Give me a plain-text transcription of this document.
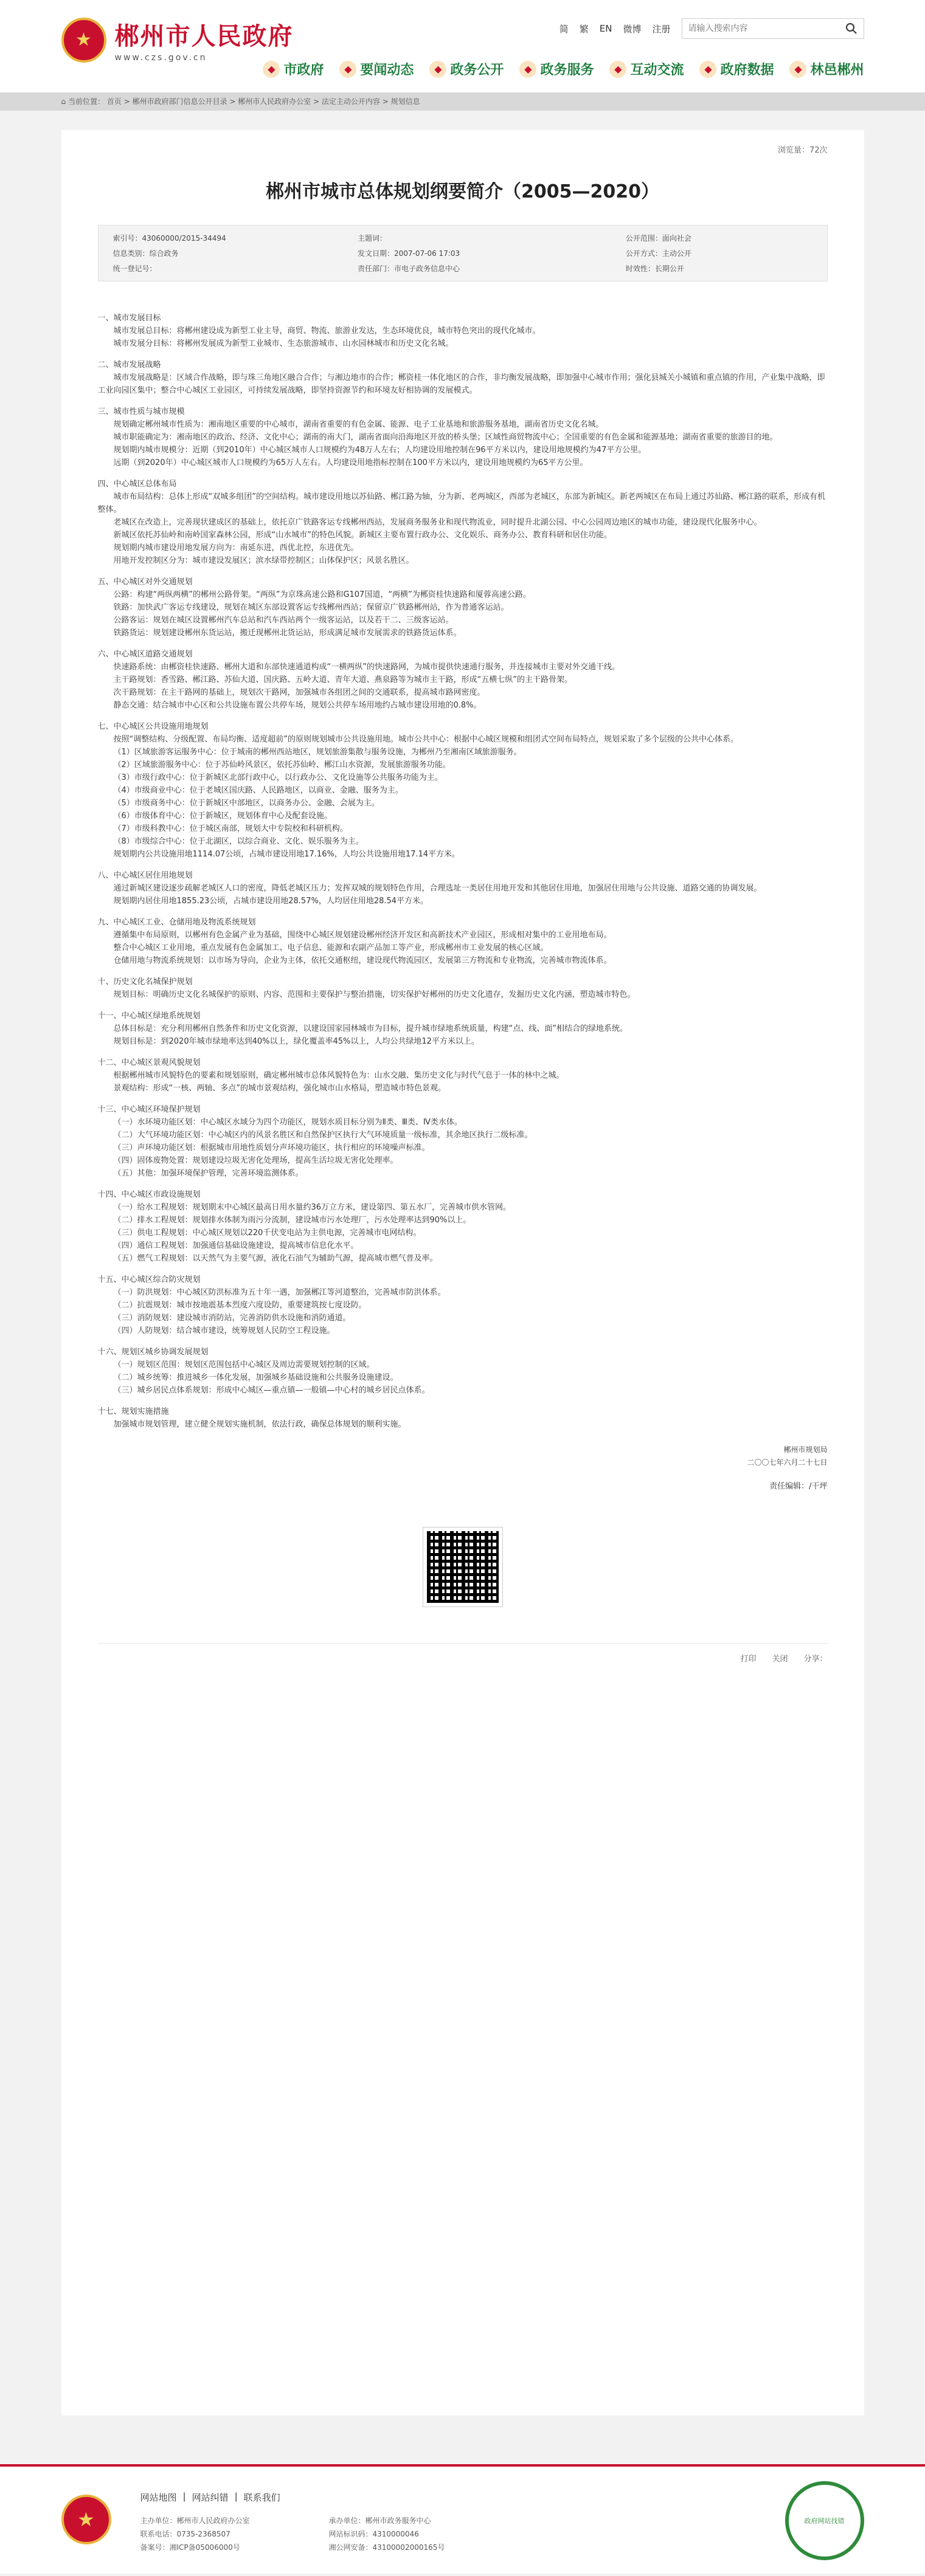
★ 郴州市人民政府
www.czs.gov.cn
简 繁 EN 微博 注册
请输入搜索内容
◆ 市政府	◆ 要闻动态	◆ 政务公开	◆ 政务服务	◆ 互动交流	◆ 政府数据	◆ 林邑郴州
⌂ 当前位置： 首页 > 郴州市政府部门信息公开目录 > 郴州市人民政府办公室 > 法定主动公开内容 > 规划信息
浏览量：72次
郴州市城市总体规划纲要简介（2005—2020）
索引号：43060000/2015-34494	主题词：	公开范围：面向社会
信息类别：综合政务	发文日期：2007-07-06 17:03	公开方式：主动公开
统一登记号：	责任部门：市电子政务信息中心	时效性：长期公开

一、城市发展目标

城市发展总目标：将郴州建设成为新型工业主导，商贸、物流、旅游业发达，生态环境优良，城市特色突出的现代化城市。

城市发展分目标：将郴州发展成为新型工业城市、生态旅游城市、山水园林城市和历史文化名城。

二、城市发展战略

城市发展战略是：区域合作战略，即与珠三角地区融合合作；与湘边地市的合作；郴资桂一体化地区的合作，非均衡发展战略，即加强中心城市作用；强化县城关小城镇和重点镇的作用，产业集中战略，即工业向园区集中；整合中心城区工业园区，可持续发展战略，即坚持资源节约和环境友好相协调的发展模式。

三、城市性质与城市规模

规划确定郴州城市性质为：湘南地区重要的中心城市，湖南省重要的有色金属、能源、电子工业基地和旅游服务基地，湖南省历史文化名城。

城市职能确定为：湘南地区的政治、经济、文化中心；湖南的南大门，湖南省面向沿海地区开放的桥头堡；区域性商贸物流中心；全国重要的有色金属和能源基地；湖南省重要的旅游目的地。

规划期内城市规模分：近期（到2010年）中心城区城市人口规模约为48万人左右；人均建设用地控制在96平方米以内，建设用地规模约为47平方公里。

远期（到2020年）中心城区城市人口规模约为65万人左右。人均建设用地指标控制在100平方米以内，建设用地规模约为65平方公里。

四、中心城区总体布局

城市布局结构：总体上形成“双城多组团”的空间结构。城市建设用地以苏仙路、郴江路为轴，分为新、老两城区，西部为老城区，东部为新城区。新老两城区在布局上通过苏仙路、郴江路的联系，形成有机整体。

老城区在改造上，完善现状建成区的基础上，依托京广铁路客运专线郴州西站，发展商务服务业和现代物流业，同时提升北湖公园、中心公园周边地区的城市功能，建设现代化服务中心。

新城区依托苏仙岭和南岭国家森林公园，形成“山水城市”的特色风貌。新城区主要布置行政办公、文化娱乐、商务办公、教育科研和居住功能。

规划期内城市建设用地发展方向为：南延东进，西优北控，东进优先。

用地开发控制区分为：城市建设发展区；滨水绿带控制区；山体保护区；风景名胜区。

五、中心城区对外交通规划

公路：构建“两纵两横”的郴州公路骨架。“两纵”为京珠高速公路和G107国道，“两横”为郴资桂快速路和厦蓉高速公路。

铁路：加快武广客运专线建设，规划在城区东部设置客运专线郴州西站；保留京广铁路郴州站，作为普通客运站。

公路客运：规划在城区设置郴州汽车总站和汽车西站两个一级客运站，以及若干二、三级客运站。

铁路货运：规划建设郴州东货运站，搬迁现郴州北货运站，形成满足城市发展需求的铁路货运体系。

六、中心城区道路交通规划

快速路系统：由郴资桂快速路、郴州大道和东部快速通道构成“一横两纵”的快速路网，为城市提供快速通行服务，并连接城市主要对外交通干线。

主干路规划：香雪路、郴江路、苏仙大道、国庆路、五岭大道、青年大道、燕泉路等为城市主干路，形成“五横七纵”的主干路骨架。

次干路规划：在主干路网的基础上，规划次干路网，加强城市各组团之间的交通联系，提高城市路网密度。

静态交通：结合城市中心区和公共设施布置公共停车场，规划公共停车场用地约占城市建设用地的0.8%。

七、中心城区公共设施用地规划

按照“调整结构、分级配置、布局均衡、适度超前”的原则规划城市公共设施用地。城市公共中心：根据中心城区规模和组团式空间布局特点，规划采取了多个层级的公共中心体系。

（1）区域旅游客运服务中心：位于城南的郴州西站地区，规划旅游集散与服务设施，为郴州乃至湘南区域旅游服务。

（2）区域旅游服务中心：位于苏仙岭风景区，依托苏仙岭、郴江山水资源，发展旅游服务功能。

（3）市级行政中心：位于新城区北部行政中心，以行政办公、文化设施等公共服务功能为主。

（4）市级商业中心：位于老城区国庆路、人民路地区，以商业、金融、服务为主。

（5）市级商务中心：位于新城区中部地区，以商务办公、金融、会展为主。

（6）市级体育中心：位于新城区，规划体育中心及配套设施。

（7）市级科教中心：位于城区南部，规划大中专院校和科研机构。

（8）市级综合中心：位于北湖区，以综合商业、文化、娱乐服务为主。

规划期内公共设施用地1114.07公顷，占城市建设用地17.16%，人均公共设施用地17.14平方米。

八、中心城区居住用地规划

通过新城区建设逐步疏解老城区人口的密度，降低老城区压力；发挥双城的规划特色作用，合理选址一类居住用地开发和其他居住用地，加强居住用地与公共设施、道路交通的协调发展。

规划期内居住用地1855.23公顷，占城市建设用地28.57%，人均居住用地28.54平方米。

九、中心城区工业、仓储用地及物流系统规划

遵循集中布局原则，以郴州有色金属产业为基础，围绕中心城区规划建设郴州经济开发区和高新技术产业园区，形成相对集中的工业用地布局。

整合中心城区工业用地，重点发展有色金属加工、电子信息、能源和农副产品加工等产业，形成郴州市工业发展的核心区域。

仓储用地与物流系统规划：以市场为导向，企业为主体，依托交通枢纽，建设现代物流园区，发展第三方物流和专业物流，完善城市物流体系。

十、历史文化名城保护规划

规划目标：明确历史文化名城保护的原则、内容、范围和主要保护与整治措施，切实保护好郴州的历史文化遗存，发掘历史文化内涵，塑造城市特色。

十一、中心城区绿地系统规划

总体目标是：充分利用郴州自然条件和历史文化资源，以建设国家园林城市为目标，提升城市绿地系统质量，构建“点、线、面”相结合的绿地系统。

规划目标是：到2020年城市绿地率达到40%以上，绿化覆盖率45%以上，人均公共绿地12平方米以上。

十二、中心城区景观风貌规划

根据郴州城市风貌特色的要素和规划原则，确定郴州城市总体风貌特色为：山水交融、集历史文化与时代气息于一体的林中之城。

景观结构：形成“一核、两轴、多点”的城市景观结构，强化城市山水格局，塑造城市特色景观。

十三、中心城区环境保护规划

（一）水环境功能区划：中心城区水域分为四个功能区，规划水质目标分别为Ⅱ类、Ⅲ类、Ⅳ类水体。

（二）大气环境功能区划：中心城区内的风景名胜区和自然保护区执行大气环境质量一级标准，其余地区执行二级标准。

（三）声环境功能区划：根据城市用地性质划分声环境功能区，执行相应的环境噪声标准。

（四）固体废物处置：规划建设垃圾无害化处理场，提高生活垃圾无害化处理率。

（五）其他：加强环境保护管理，完善环境监测体系。

十四、中心城区市政设施规划

（一）给水工程规划：规划期末中心城区最高日用水量约36万立方米，建设第四、第五水厂，完善城市供水管网。

（二）排水工程规划：规划排水体制为雨污分流制，建设城市污水处理厂，污水处理率达到90%以上。

（三）供电工程规划：中心城区规划以220千伏变电站为主供电源，完善城市电网结构。

（四）通信工程规划：加强通信基础设施建设，提高城市信息化水平。

（五）燃气工程规划：以天然气为主要气源，液化石油气为辅助气源，提高城市燃气普及率。

十五、中心城区综合防灾规划

（一）防洪规划：中心城区防洪标准为五十年一遇，加强郴江等河道整治，完善城市防洪体系。

（二）抗震规划：城市按地震基本烈度六度设防，重要建筑按七度设防。

（三）消防规划：建设城市消防站，完善消防供水设施和消防通道。

（四）人防规划：结合城市建设，统筹规划人民防空工程设施。

十六、规划区城乡协调发展规划

（一）规划区范围：规划区范围包括中心城区及周边需要规划控制的区域。

（二）城乡统筹：推进城乡一体化发展，加强城乡基础设施和公共服务设施建设。

（三）城乡居民点体系规划：形成中心城区—重点镇—一般镇—中心村的城乡居民点体系。

十七、规划实施措施

加强城市规划管理，建立健全规划实施机制，依法行政，确保总体规划的顺利实施。

郴州市规划局
二〇〇七年六月二十七日
责任编辑：/干坪
打印 关闭 分享：
★
网站地图 | 网站纠错 | 联系我们
主办单位：郴州市人民政府办公室	承办单位：郴州市政务服务中心
联系电话：0735-2368507	网站标识码：4310000046
备案号：湘ICP备05006000号	湘公网安备：43100002000165号
政府网站找错
